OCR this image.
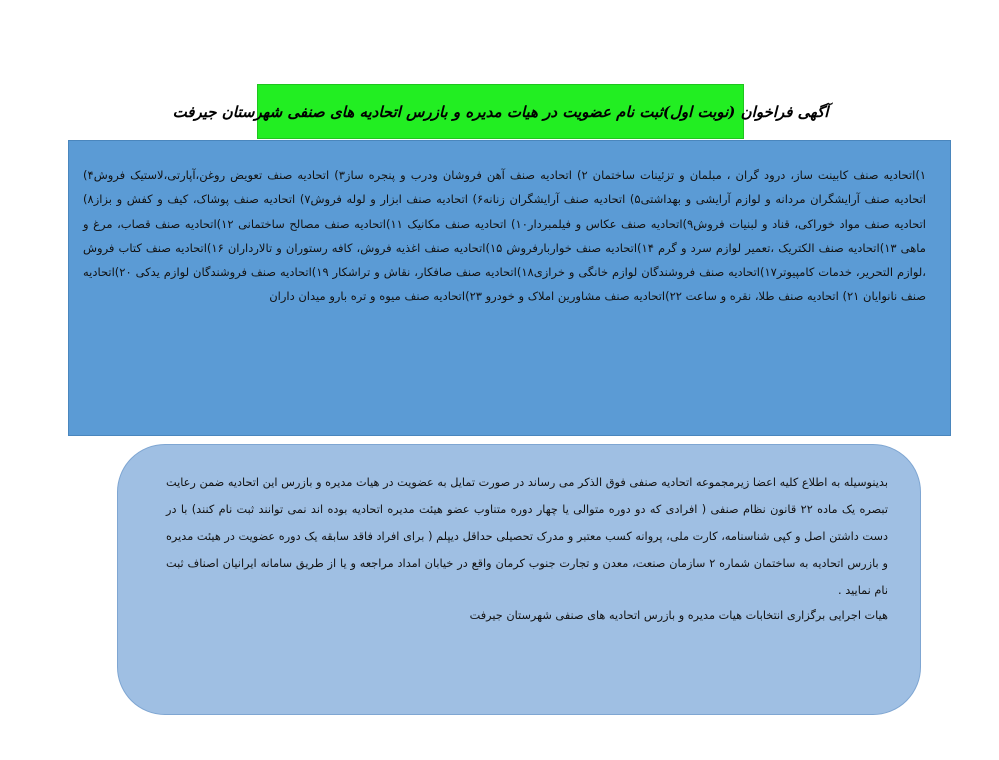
آگهی فراخوان (نوبت اول)ثبت نام عضویت در هیات مدیره و بازرس اتحادیه های صنفی شهرستان جیرفت

۱)اتحادیه صنف کابینت ساز، درود گران ، مبلمان و تزئینات ساختمان ۲) اتحادیه صنف آهن فروشان ودرب و پنجره ساز۳) اتحادیه صنف تعویض روغن،آپارتی،لاستیک فروش۴) اتحادیه صنف آرایشگران مردانه و لوازم آرایشی و بهداشتی۵) اتحادیه صنف آرایشگران زنانه۶) اتحادیه صنف ابزار و لوله فروش۷) اتحادیه صنف پوشاک، کیف و کفش و بزاز۸) اتحادیه صنف مواد خوراکی، قناد و لبنیات فروش۹)اتحادیه صنف عکاس و فیلمبردار۱۰) اتحادیه صنف مکانیک ۱۱)اتحادیه صنف مصالح ساختمانی ۱۲)اتحادیه صنف قصاب، مرغ و ماهی ۱۳)اتحادیه صنف الکتریک ،تعمیر لوازم سرد و گرم ۱۴)اتحادیه صنف خواربارفروش ۱۵)اتحادیه صنف اغذیه فروش، کافه رستوران و تالارداران ۱۶)اتحادیه صنف کتاب فروش ،لوازم التحریر، خدمات کامپیوتر۱۷)اتحادیه صنف فروشندگان لوازم خانگی و خرازی۱۸)اتحادیه صنف صافکار، نقاش و تراشکار ۱۹)اتحادیه صنف فروشندگان لوازم یدکی ۲۰)اتحادیه صنف نانوایان ۲۱) اتحادیه صنف طلا، نقره و ساعت ۲۲)اتحادیه صنف مشاورین املاک و خودرو ۲۳)اتحادیه صنف میوه و تره بارو میدان داران

بدینوسیله به اطلاع کلیه اعضا زیرمجموعه اتحادیه صنفی فوق الذکر می رساند در صورت تمایل به عضویت در هیات مدیره و بازرس این اتحادیه ضمن رعایت تبصره یک ماده ۲۲ قانون نظام صنفی ( افرادی که دو دوره متوالی یا چهار دوره متناوب عضو هیئت مدیره اتحادیه بوده اند نمی توانند ثبت نام کنند) با در دست داشتن اصل و کپی شناسنامه، کارت ملی، پروانه کسب معتبر و مدرک تحصیلی حداقل دیپلم ( برای افراد فاقد سابقه یک دوره عضویت در هیئت مدیره و بازرس اتحادیه به ساختمان شماره ۲ سازمان صنعت، معدن و تجارت جنوب کرمان واقع در خیابان امداد مراجعه و یا از طریق سامانه ایرانیان اصناف ثبت نام نمایید .

هیات اجرایی برگزاری انتخابات هیات مدیره و بازرس اتحادیه های صنفی شهرستان جیرفت
